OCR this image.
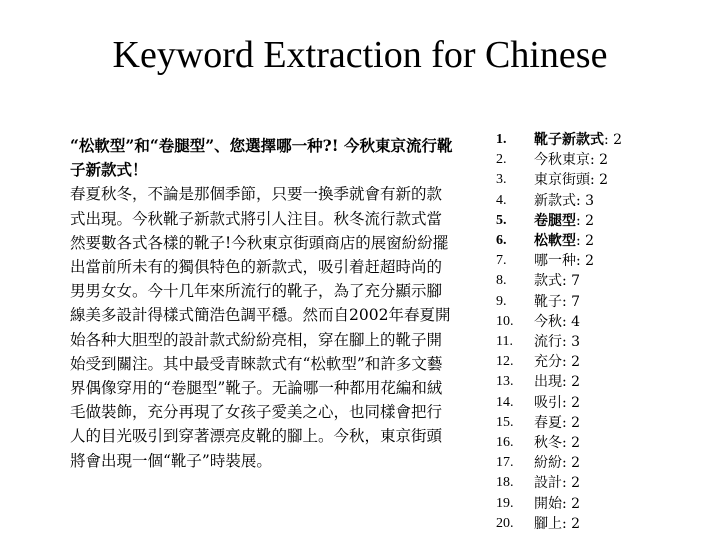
Keyword Extraction for Chinese
“松軟型”和“卷腿型”、您選擇哪一种?! 今秋東京流行靴子新款式！
春夏秋冬，不論是那個季節，只要一換季就會有新的款式出現。今秋靴子新款式將引人注目。秋冬流行款式當然要數各式各樣的靴子!今秋東京街頭商店的展窗紛紛擺出當前所未有的獨俱特色的新款式，吸引着赶超時尚的男男女女。今十几年來所流行的靴子，為了充分顯示腳線美多設計得樣式簡浩色調平穩。然而自2002年春夏開始各种大胆型的設計款式紛紛亮相，穿在腳上的靴子開始受到關注。其中最受青睞款式有“松軟型”和許多文藝界偶像穿用的“卷腿型”靴子。无論哪一种都用花編和絨毛做裝飾，充分再現了女孩子愛美之心，也同樣會把行人的目光吸引到穿著漂亮皮靴的腳上。今秋，東京街頭將會出現一個“靴子”時裝展。
1.	靴子新款式: 2
2.	今秋東京: 2
3.	東京街頭: 2
4.	新款式: 3
5.	卷腿型: 2
6.	松軟型: 2
7.	哪一种: 2
8.	款式: 7
9.	靴子: 7
10.	今秋: 4
11.	流行: 3
12.	充分: 2
13.	出現: 2
14.	吸引: 2
15.	春夏: 2
16.	秋冬: 2
17.	紛紛: 2
18.	設計: 2
19.	開始: 2
20.	腳上: 2
